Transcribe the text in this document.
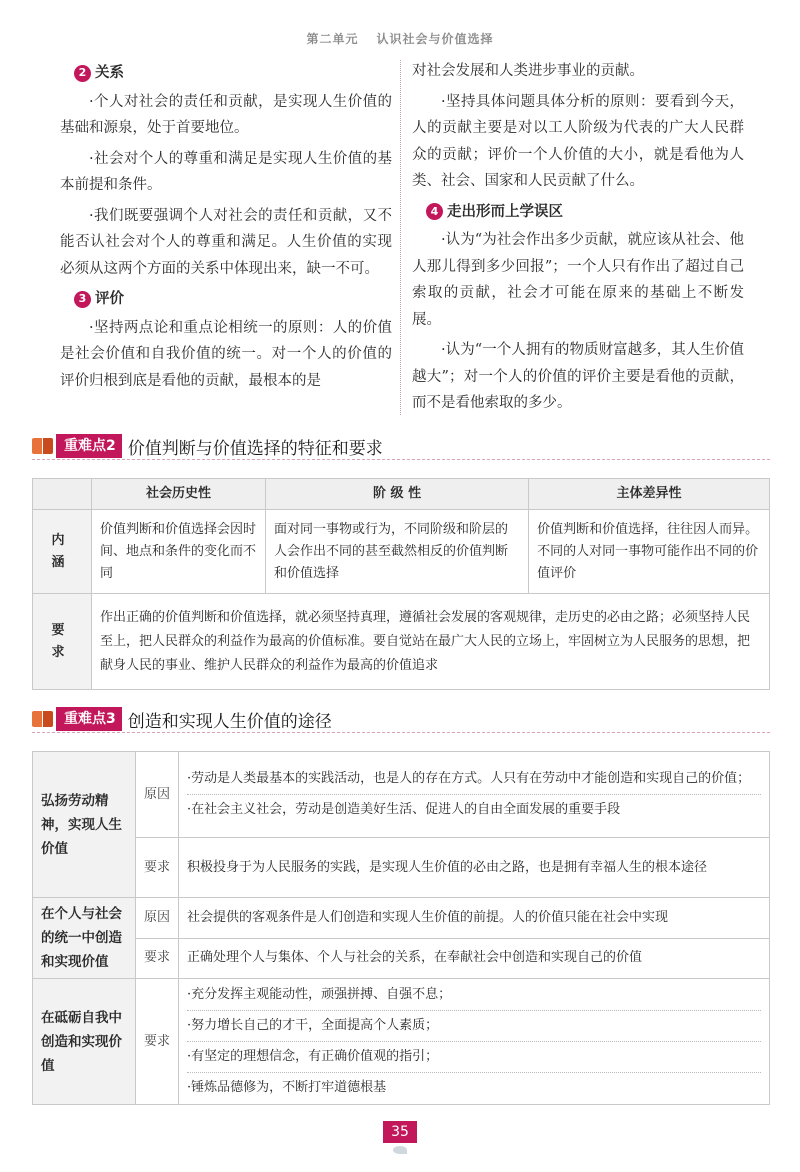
第二单元 认识社会与价值选择
2 关系

·个人对社会的责任和贡献，是实现人生价值的基础和源泉，处于首要地位。

·社会对个人的尊重和满足是实现人生价值的基本前提和条件。

·我们既要强调个人对社会的责任和贡献，又不能否认社会对个人的尊重和满足。人生价值的实现必须从这两个方面的关系中体现出来，缺一不可。

3 评价

·坚持两点论和重点论相统一的原则：人的价值是社会价值和自我价值的统一。对一个人的价值的评价归根到底是看他的贡献，最根本的是

对社会发展和人类进步事业的贡献。

·坚持具体问题具体分析的原则：要看到今天，人的贡献主要是对以工人阶级为代表的广大人民群众的贡献；评价一个人价值的大小，就是看他为人类、社会、国家和人民贡献了什么。

4 走出形而上学误区

·认为“为社会作出多少贡献，就应该从社会、他人那儿得到多少回报”；一个人只有作出了超过自己索取的贡献，社会才可能在原来的基础上不断发展。

·认为“一个人拥有的物质财富越多，其人生价值越大”；对一个人的价值的评价主要是看他的贡献，而不是看他索取的多少。

重难点2 价值判断与价值选择的特征和要求
	社会历史性	阶 级 性	主体差异性
内 涵	价值判断和价值选择会因时间、地点和条件的变化而不同	面对同一事物或行为，不同阶级和阶层的人会作出不同的甚至截然相反的价值判断和价值选择	价值判断和价值选择，往往因人而异。不同的人对同一事物可能作出不同的价值评价
要 求	作出正确的价值判断和价值选择，就必须坚持真理，遵循社会发展的客观规律，走历史的必由之路；必须坚持人民至上，把人民群众的利益作为最高的价值标准。要自觉站在最广大人民的立场上，牢固树立为人民服务的思想，把献身人民的事业、维护人民群众的利益作为最高的价值追求		
重难点3 创造和实现人生价值的途径
弘扬劳动精神，实现人生价值	原因	·劳动是人类最基本的实践活动，也是人的存在方式。人只有在劳动中才能创造和实现自己的价值；

·在社会主义社会，劳动是创造美好生活、促进人的自由全面发展的重要手段

	要求	积极投身于为人民服务的实践，是实现人生价值的必由之路，也是拥有幸福人生的根本途径
在个人与社会的统一中创造和实现价值	原因	社会提供的客观条件是人们创造和实现人生价值的前提。人的价值只能在社会中实现
	要求	正确处理个人与集体、个人与社会的关系，在奉献社会中创造和实现自己的价值
在砥砺自我中创造和实现价值	要求	·充分发挥主观能动性，顽强拼搏、自强不息；

·努力增长自己的才干，全面提高个人素质；

·有坚定的理想信念，有正确价值观的指引；

·锤炼品德修为，不断打牢道德根基

35
